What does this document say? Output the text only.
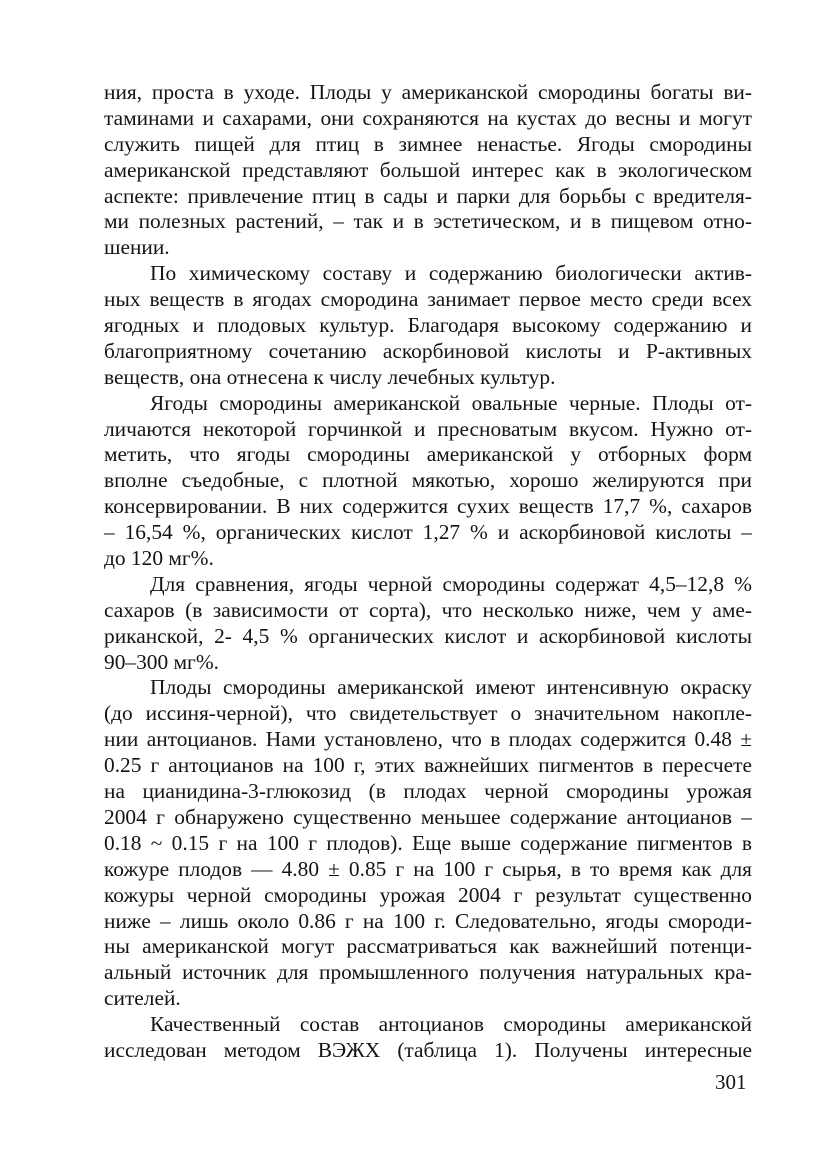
ния, проста в уходе. Плоды у американской смородины богаты ви-
таминами и сахарами, они сохраняются на кустах до весны и могут
служить пищей для птиц в зимнее ненастье. Ягоды смородины
американской представляют большой интерес как в экологическом
аспекте: привлечение птиц в сады и парки для борьбы с вредителя-
ми полезных растений, – так и в эстетическом, и в пищевом отно-
шении.
По химическому составу и содержанию биологически актив-
ных веществ в ягодах смородина занимает первое место среди всех
ягодных и плодовых культур. Благодаря высокому содержанию и
благоприятному сочетанию аскорбиновой кислоты и Р-активных
веществ, она отнесена к числу лечебных культур.
Ягоды смородины американской овальные черные. Плоды от-
личаются некоторой горчинкой и пресноватым вкусом. Нужно от-
метить, что ягоды смородины американской у отборных форм
вполне съедобные, с плотной мякотью, хорошо желируются при
консервировании. В них содержится сухих веществ 17,7 %, сахаров
– 16,54 %, органических кислот 1,27 % и аскорбиновой кислоты –
до 120 мг%.
Для сравнения, ягоды черной смородины содержат 4,5–12,8 %
сахаров (в зависимости от сорта), что несколько ниже, чем у аме-
риканской, 2- 4,5 % органических кислот и аскорбиновой кислоты
90–300 мг%.
Плоды смородины американской имеют интенсивную окраску
(до иссиня-черной), что свидетельствует о значительном накопле-
нии антоцианов. Нами установлено, что в плодах содержится 0.48 ±
0.25 г антоцианов на 100 г, этих важнейших пигментов в пересчете
на цианидина-3-глюкозид (в плодах черной смородины урожая
2004 г обнаружено существенно меньшее содержание антоцианов –
0.18 ~ 0.15 г на 100 г плодов). Еще выше содержание пигментов в
кожуре плодов — 4.80 ± 0.85 г на 100 г сырья, в то время как для
кожуры черной смородины урожая 2004 г результат существенно
ниже – лишь около 0.86 г на 100 г. Следовательно, ягоды смороди-
ны американской могут рассматриваться как важнейший потенци-
альный источник для промышленного получения натуральных кра-
сителей.
Качественный состав антоцианов смородины американской
исследован методом ВЭЖХ (таблица 1). Получены интересные
301
